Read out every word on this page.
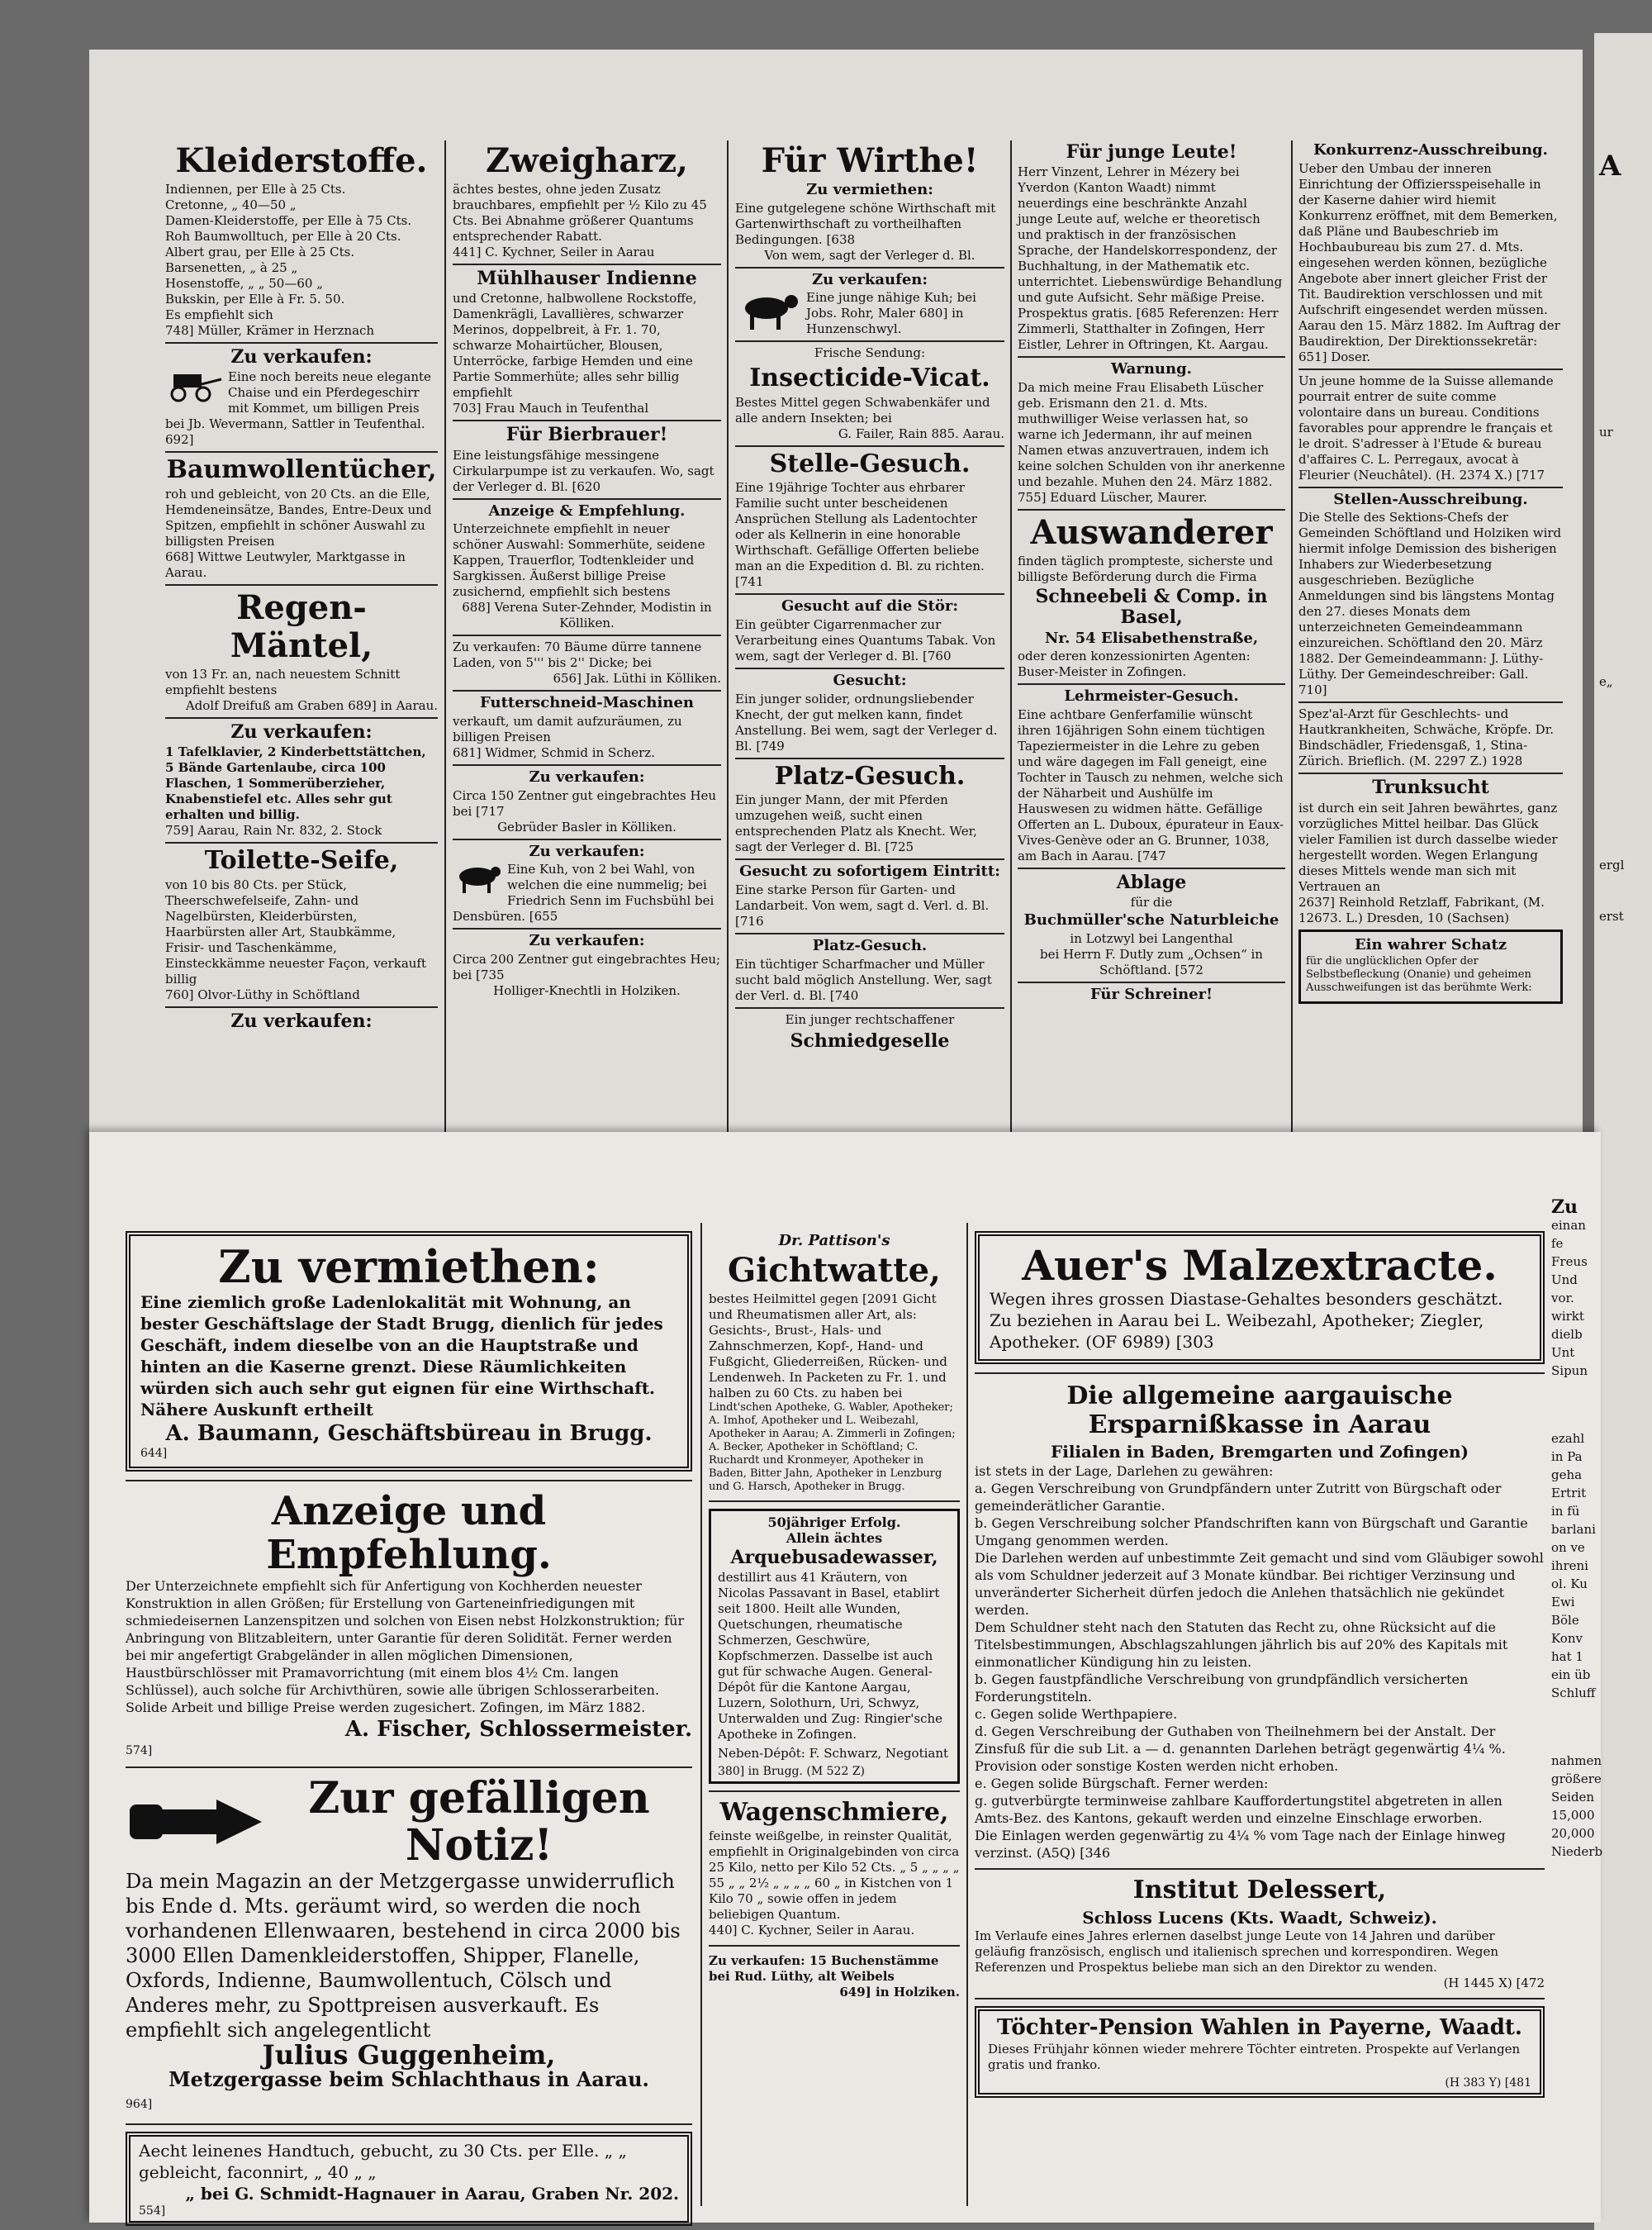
A
ur
e„
ergl
erst
Kleiderstoffe.
Indiennen, per Elle à 25 Cts.
Cretonne, „ 40—50 „
Damen-Kleiderstoffe, per Elle à 75 Cts.
Roh Baumwolltuch, per Elle à 20 Cts.
Albert grau, per Elle à 25 Cts.
Barsenetten, „ à 25 „
Hosenstoffe, „ „ 50—60 „
Bukskin, per Elle à Fr. 5. 50.
Es empfiehlt sich
748] Müller, Krämer in Herznach
Zu verkaufen:
Eine noch bereits neue elegante Chaise und ein Pferdegeschirr mit Kommet, um billigen Preis bei Jb. Wevermann, Sattler in Teufenthal.
692]
Baumwollentücher,
roh und gebleicht, von 20 Cts. an die Elle, Hemdeneinsätze, Bandes, Entre-Deux und Spitzen, empfiehlt in schöner Auswahl zu billigsten Preisen
668] Wittwe Leutwyler, Marktgasse in Aarau.
Regen-Mäntel,
von 13 Fr. an, nach neuestem Schnitt empfiehlt bestens
Adolf Dreifuß am Graben 689] in Aarau.
Zu verkaufen:
1 Tafelklavier, 2 Kinderbettstättchen, 5 Bände Gartenlaube, circa 100 Flaschen, 1 Sommerüberzieher, Knabenstiefel etc. Alles sehr gut erhalten und billig.
759] Aarau, Rain Nr. 832, 2. Stock
Toilette-Seife,
von 10 bis 80 Cts. per Stück, Theerschwefelseife, Zahn- und Nagelbürsten, Kleiderbürsten, Haarbürsten aller Art, Staubkämme, Frisir- und Taschenkämme, Einsteckkämme neuester Façon, verkauft billig
760] Olvor-Lüthy in Schöftland
Zu verkaufen:
Zweigharz,
ächtes bestes, ohne jeden Zusatz brauchbares, empfiehlt per ½ Kilo zu 45 Cts. Bei Abnahme größerer Quantums entsprechender Rabatt.
441] C. Kychner, Seiler in Aarau
Mühlhauser Indienne
und Cretonne, halbwollene Rockstoffe, Damenkrägli, Lavallières, schwarzer Merinos, doppelbreit, à Fr. 1. 70, schwarze Mohairtücher, Blousen, Unterröcke, farbige Hemden und eine Partie Sommerhüte; alles sehr billig empfiehlt
703] Frau Mauch in Teufenthal
Für Bierbrauer!
Eine leistungsfähige messingene Cirkularpumpe ist zu verkaufen. Wo, sagt der Verleger d. Bl. [620
Anzeige & Empfehlung.
Unterzeichnete empfiehlt in neuer schöner Auswahl: Sommerhüte, seidene Kappen, Trauerflor, Todtenkleider und Sargkissen. Äußerst billige Preise zusichernd, empfiehlt sich bestens
688] Verena Suter-Zehnder, Modistin in Kölliken.
Zu verkaufen: 70 Bäume dürre tannene Laden, von 5''' bis 2'' Dicke; bei
656] Jak. Lüthi in Kölliken.
Futterschneid-Maschinen
verkauft, um damit aufzuräumen, zu billigen Preisen
681] Widmer, Schmid in Scherz.
Zu verkaufen:
Circa 150 Zentner gut eingebrachtes Heu bei [717
Gebrüder Basler in Kölliken.
Zu verkaufen:
Eine Kuh, von 2 bei Wahl, von welchen die eine nummelig; bei Friedrich Senn im Fuchsbühl bei Densbüren. [655
Zu verkaufen:
Circa 200 Zentner gut eingebrachtes Heu; bei [735
Holliger-Knechtli in Holziken.
Für Wirthe!
Zu vermiethen:
Eine gutgelegene schöne Wirthschaft mit Gartenwirthschaft zu vortheilhaften Bedingungen. [638
Von wem, sagt der Verleger d. Bl.
Zu verkaufen:
Eine junge nähige Kuh; bei Jobs. Rohr, Maler 680] in Hunzenschwyl.
Frische Sendung:
Insecticide-Vicat.
Bestes Mittel gegen Schwabenkäfer und alle andern Insekten; bei
G. Failer, Rain 885. Aarau.
Stelle-Gesuch.
Eine 19jährige Tochter aus ehrbarer Familie sucht unter bescheidenen Ansprüchen Stellung als Ladentochter oder als Kellnerin in eine honorable Wirthschaft. Gefällige Offerten beliebe man an die Expedition d. Bl. zu richten. [741
Gesucht auf die Stör:
Ein geübter Cigarrenmacher zur Verarbeitung eines Quantums Tabak. Von wem, sagt der Verleger d. Bl. [760
Gesucht:
Ein junger solider, ordnungsliebender Knecht, der gut melken kann, findet Anstellung. Bei wem, sagt der Verleger d. Bl. [749
Platz-Gesuch.
Ein junger Mann, der mit Pferden umzugehen weiß, sucht einen entsprechenden Platz als Knecht. Wer, sagt der Verleger d. Bl. [725
Gesucht zu sofortigem Eintritt:
Eine starke Person für Garten- und Landarbeit. Von wem, sagt d. Verl. d. Bl. [716
Platz-Gesuch.
Ein tüchtiger Scharfmacher und Müller sucht bald möglich Anstellung. Wer, sagt der Verl. d. Bl. [740
Ein junger rechtschaffener
Schmiedgeselle
Für junge Leute!
Herr Vinzent, Lehrer in Mézery bei Yverdon (Kanton Waadt) nimmt neuerdings eine beschränkte Anzahl junge Leute auf, welche er theoretisch und praktisch in der französischen Sprache, der Handelskorrespondenz, der Buchhaltung, in der Mathematik etc. unterrichtet. Liebenswürdige Behandlung und gute Aufsicht. Sehr mäßige Preise. Prospektus gratis. [685 Referenzen: Herr Zimmerli, Statthalter in Zofingen, Herr Eistler, Lehrer in Oftringen, Kt. Aargau.
Warnung.
Da mich meine Frau Elisabeth Lüscher geb. Erismann den 21. d. Mts. muthwilliger Weise verlassen hat, so warne ich Jedermann, ihr auf meinen Namen etwas anzuvertrauen, indem ich keine solchen Schulden von ihr anerkenne und bezahle. Muhen den 24. März 1882.
755] Eduard Lüscher, Maurer.
Auswanderer
finden täglich prompteste, sicherste und billigste Beförderung durch die Firma
Schneebeli & Comp. in Basel,
Nr. 54 Elisabethenstraße,
oder deren konzessionirten Agenten: Buser-Meister in Zofingen.
Lehrmeister-Gesuch.
Eine achtbare Genferfamilie wünscht ihren 16jährigen Sohn einem tüchtigen Tapeziermeister in die Lehre zu geben und wäre dagegen im Fall geneigt, eine Tochter in Tausch zu nehmen, welche sich der Näharbeit und Aushülfe im Hauswesen zu widmen hätte. Gefällige Offerten an L. Duboux, épurateur in Eaux-Vives-Genève oder an G. Brunner, 1038, am Bach in Aarau. [747
Ablage
für die
Buchmüller'sche Naturbleiche
in Lotzwyl bei Langenthal
bei Herrn F. Dutly zum „Ochsen“ in Schöftland. [572
Für Schreiner!
Konkurrenz-Ausschreibung.
Ueber den Umbau der inneren Einrichtung der Offiziersspeisehalle in der Kaserne dahier wird hiemit Konkurrenz eröffnet, mit dem Bemerken, daß Pläne und Baubeschrieb im Hochbaubureau bis zum 27. d. Mts. eingesehen werden können, bezügliche Angebote aber innert gleicher Frist der Tit. Baudirektion verschlossen und mit Aufschrift eingesendet werden müssen. Aarau den 15. März 1882. Im Auftrag der Baudirektion, Der Direktionssekretär:
651] Doser.
Un jeune homme de la Suisse allemande pourrait entrer de suite comme volontaire dans un bureau. Conditions favorables pour apprendre le français et le droit. S'adresser à l'Etude & bureau d'affaires C. L. Perregaux, avocat à Fleurier (Neuchâtel). (H. 2374 X.) [717
Stellen-Ausschreibung.
Die Stelle des Sektions-Chefs der Gemeinden Schöftland und Holziken wird hiermit infolge Demission des bisherigen Inhabers zur Wiederbesetzung ausgeschrieben. Bezügliche Anmeldungen sind bis längstens Montag den 27. dieses Monats dem unterzeichneten Gemeindeammann einzureichen. Schöftland den 20. März 1882. Der Gemeindeammann: J. Lüthy-Lüthy. Der Gemeindeschreiber: Gall.
710]
Spez'al-Arzt für Geschlechts- und Hautkrankheiten, Schwäche, Kröpfe. Dr. Bindschädler, Friedensgaß, 1, Stina-Zürich. Brieflich. (M. 2297 Z.) 1928
Trunksucht
ist durch ein seit Jahren bewährtes, ganz vorzügliches Mittel heilbar. Das Glück vieler Familien ist durch dasselbe wieder hergestellt worden. Wegen Erlangung dieses Mittels wende man sich mit Vertrauen an
2637] Reinhold Retzlaff, Fabrikant, (M. 12673. L.) Dresden, 10 (Sachsen)
Ein wahrer Schatz
für die unglücklichen Opfer der Selbstbefleckung (Onanie) und geheimen Ausschweifungen ist das berühmte Werk:
Zu
einan
fe
Freus
Und
vor.
wirkt
dielb
Unt
Sipun
ezahl
in Pa
geha
Ertrit
in fü
barlani
on ve
ihreni
ol. Ku
Ewi
Böle
Konv
hat 1
ein üb
Schluff
nahmen
größere
Seiden
15,000
20,000
Niederb
Zu vermiethen:
Eine ziemlich große Ladenlokalität mit Wohnung, an bester Geschäftslage der Stadt Brugg, dienlich für jedes Geschäft, indem dieselbe von an die Hauptstraße und hinten an die Kaserne grenzt. Diese Räumlichkeiten würden sich auch sehr gut eignen für eine Wirthschaft. Nähere Auskunft ertheilt
A. Baumann, Geschäftsbüreau in Brugg.
644]
Anzeige und Empfehlung.
Der Unterzeichnete empfiehlt sich für Anfertigung von Kochherden neuester Konstruktion in allen Größen; für Erstellung von Garteneinfriedigungen mit schmiedeisernen Lanzenspitzen und solchen von Eisen nebst Holzkonstruktion; für Anbringung von Blitzableitern, unter Garantie für deren Solidität. Ferner werden bei mir angefertigt Grabgeländer in allen möglichen Dimensionen, Haustbürschlösser mit Pramavorrichtung (mit einem blos 4½ Cm. langen Schlüssel), auch solche für Archivthüren, sowie alle übrigen Schlosserarbeiten. Solide Arbeit und billige Preise werden zugesichert. Zofingen, im März 1882.
A. Fischer, Schlossermeister.
574]
Zur gefälligen Notiz!
Da mein Magazin an der Metzgergasse unwiderruflich bis Ende d. Mts. geräumt wird, so werden die noch vorhandenen Ellenwaaren, bestehend in circa 2000 bis 3000 Ellen Damenkleiderstoffen, Shipper, Flanelle, Oxfords, Indienne, Baumwollentuch, Cölsch und Anderes mehr, zu Spottpreisen ausverkauft. Es empfiehlt sich angelegentlicht
Julius Guggenheim,
Metzgergasse beim Schlachthaus in Aarau.
964]
Aecht leinenes Handtuch, gebucht, zu 30 Cts. per Elle. „ „ gebleicht, faconnirt, „ 40 „ „
„ bei G. Schmidt-Hagnauer in Aarau, Graben Nr. 202.
554]
Dr. Pattison's
Gichtwatte,
bestes Heilmittel gegen [2091 Gicht und Rheumatismen aller Art, als: Gesichts-, Brust-, Hals- und Zahnschmerzen, Kopf-, Hand- und Fußgicht, Gliederreißen, Rücken- und Lendenweh. In Packeten zu Fr. 1. und halben zu 60 Cts. zu haben bei
Lindt'schen Apotheke, G. Wabler, Apotheker; A. Imhof, Apotheker und L. Weibezahl, Apotheker in Aarau; A. Zimmerli in Zofingen; A. Becker, Apotheker in Schöftland; C. Ruchardt und Kronmeyer, Apotheker in Baden, Bitter Jahn, Apotheker in Lenzburg und G. Harsch, Apotheker in Brugg.
50jähriger Erfolg.
Allein ächtes
Arquebusadewasser,
destillirt aus 41 Kräutern, von Nicolas Passavant in Basel, etablirt seit 1800. Heilt alle Wunden, Quetschungen, rheumatische Schmerzen, Geschwüre, Kopfschmerzen. Dasselbe ist auch gut für schwache Augen. General-Dépôt für die Kantone Aargau, Luzern, Solothurn, Uri, Schwyz, Unterwalden und Zug: Ringier'sche Apotheke in Zofingen.
Neben-Dépôt: F. Schwarz, Negotiant
380] in Brugg. (M 522 Z)
Wagenschmiere,
feinste weißgelbe, in reinster Qualität, empfiehlt in Originalgebinden von circa 25 Kilo, netto per Kilo 52 Cts. „ 5 „ „ „ „ 55 „ „ 2½ „ „ „ „ 60 „ in Kistchen von 1 Kilo 70 „ sowie offen in jedem beliebigen Quantum.
440] C. Kychner, Seiler in Aarau.
Zu verkaufen: 15 Buchenstämme bei Rud. Lüthy, alt Weibels
649] in Holziken.
Auer's Malzextracte.
Wegen ihres grossen Diastase-Gehaltes besonders geschätzt. Zu beziehen in Aarau bei L. Weibezahl, Apotheker; Ziegler, Apotheker. (OF 6989) [303
Die allgemeine aargauische Ersparnißkasse in Aarau
Filialen in Baden, Bremgarten und Zofingen)
ist stets in der Lage, Darlehen zu gewähren:
a. Gegen Verschreibung von Grundpfändern unter Zutritt von Bürgschaft oder gemeinderätlicher Garantie.
b. Gegen Verschreibung solcher Pfandschriften kann von Bürgschaft und Garantie Umgang genommen werden.
Die Darlehen werden auf unbestimmte Zeit gemacht und sind vom Gläubiger sowohl als vom Schuldner jederzeit auf 3 Monate kündbar. Bei richtiger Verzinsung und unveränderter Sicherheit dürfen jedoch die Anlehen thatsächlich nie gekündet werden.
Dem Schuldner steht nach den Statuten das Recht zu, ohne Rücksicht auf die Titelsbestimmungen, Abschlagszahlungen jährlich bis auf 20% des Kapitals mit einmonatlicher Kündigung hin zu leisten.
b. Gegen faustpfändliche Verschreibung von grundpfändlich versicherten Forderungstiteln.
c. Gegen solide Werthpapiere.
d. Gegen Verschreibung der Guthaben von Theilnehmern bei der Anstalt. Der Zinsfuß für die sub Lit. a — d. genannten Darlehen beträgt gegenwärtig 4¼ %. Provision oder sonstige Kosten werden nicht erhoben.
e. Gegen solide Bürgschaft. Ferner werden:
g. gutverbürgte terminweise zahlbare Kauffordertungstitel abgetreten in allen Amts-Bez. des Kantons, gekauft werden und einzelne Einschlage erworben.
Die Einlagen werden gegenwärtig zu 4¼ % vom Tage nach der Einlage hinweg verzinst. (A5Q) [346
Institut Delessert,
Schloss Lucens (Kts. Waadt, Schweiz).
Im Verlaufe eines Jahres erlernen daselbst junge Leute von 14 Jahren und darüber geläufig französisch, englisch und italienisch sprechen und korrespondiren. Wegen Referenzen und Prospektus beliebe man sich an den Direktor zu wenden.
(H 1445 X) [472
Töchter-Pension Wahlen in Payerne, Waadt.
Dieses Frühjahr können wieder mehrere Töchter eintreten. Prospekte auf Verlangen gratis und franko.
(H 383 Y) [481
